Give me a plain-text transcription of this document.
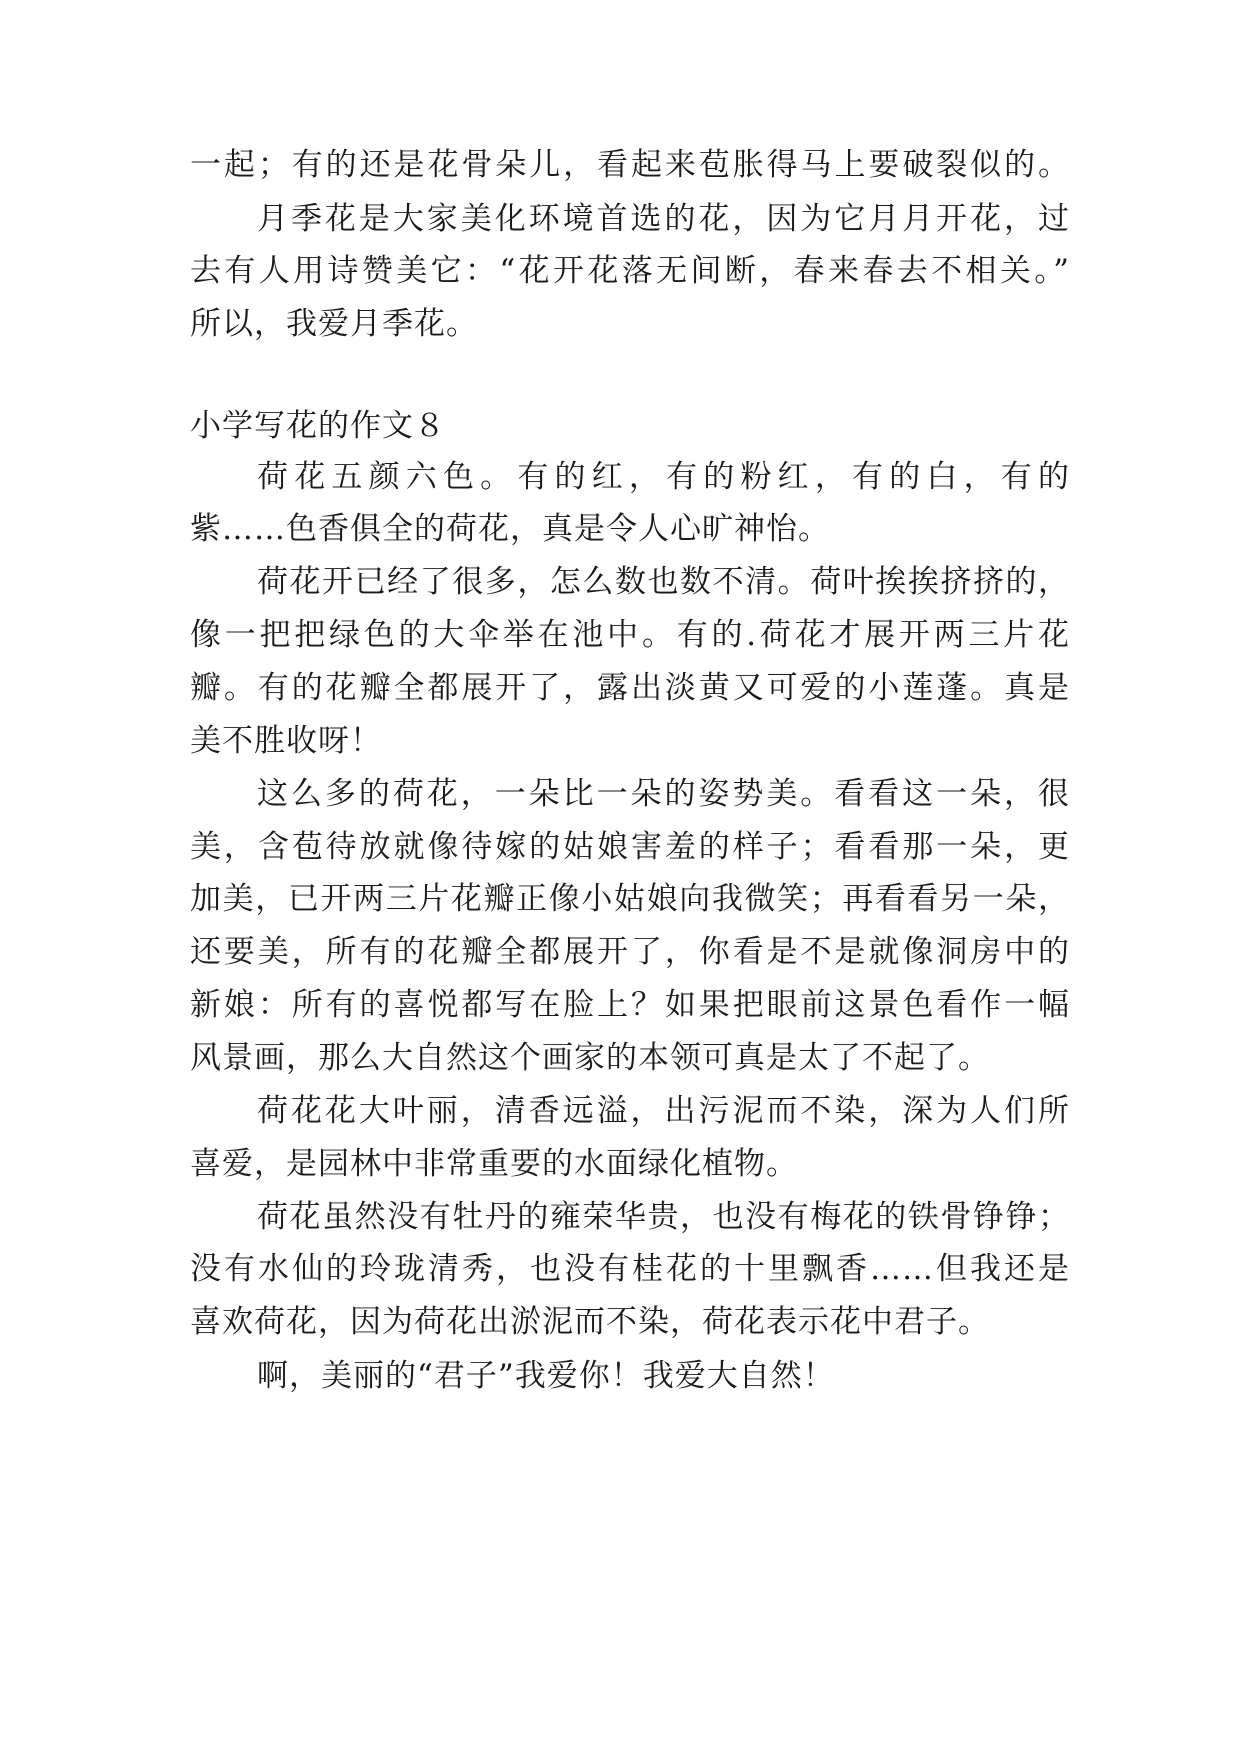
一起；有的还是花骨朵儿，看起来苞胀得马上要破裂似的。
月季花是大家美化环境首选的花，因为它月月开花，过
去有人用诗赞美它：“花开花落无间断，春来春去不相关。”
所以，我爱月季花。
小学写花的作文８
荷花五颜六色。有的红，有的粉红，有的白，有的
紫……色香俱全的荷花，真是令人心旷神怡。
荷花开已经了很多，怎么数也数不清。荷叶挨挨挤挤的，
像一把把绿色的大伞举在池中。有的.荷花才展开两三片花
瓣。有的花瓣全都展开了，露出淡黄又可爱的小莲蓬。真是
美不胜收呀！
这么多的荷花，一朵比一朵的姿势美。看看这一朵，很
美，含苞待放就像待嫁的姑娘害羞的样子；看看那一朵，更
加美，已开两三片花瓣正像小姑娘向我微笑；再看看另一朵，
还要美，所有的花瓣全都展开了，你看是不是就像洞房中的
新娘：所有的喜悦都写在脸上？如果把眼前这景色看作一幅
风景画，那么大自然这个画家的本领可真是太了不起了。
荷花花大叶丽，清香远溢，出污泥而不染，深为人们所
喜爱，是园林中非常重要的水面绿化植物。
荷花虽然没有牡丹的雍荣华贵，也没有梅花的铁骨铮铮；
没有水仙的玲珑清秀，也没有桂花的十里飘香……但我还是
喜欢荷花，因为荷花出淤泥而不染，荷花表示花中君子。
啊，美丽的“君子”我爱你！我爱大自然！
